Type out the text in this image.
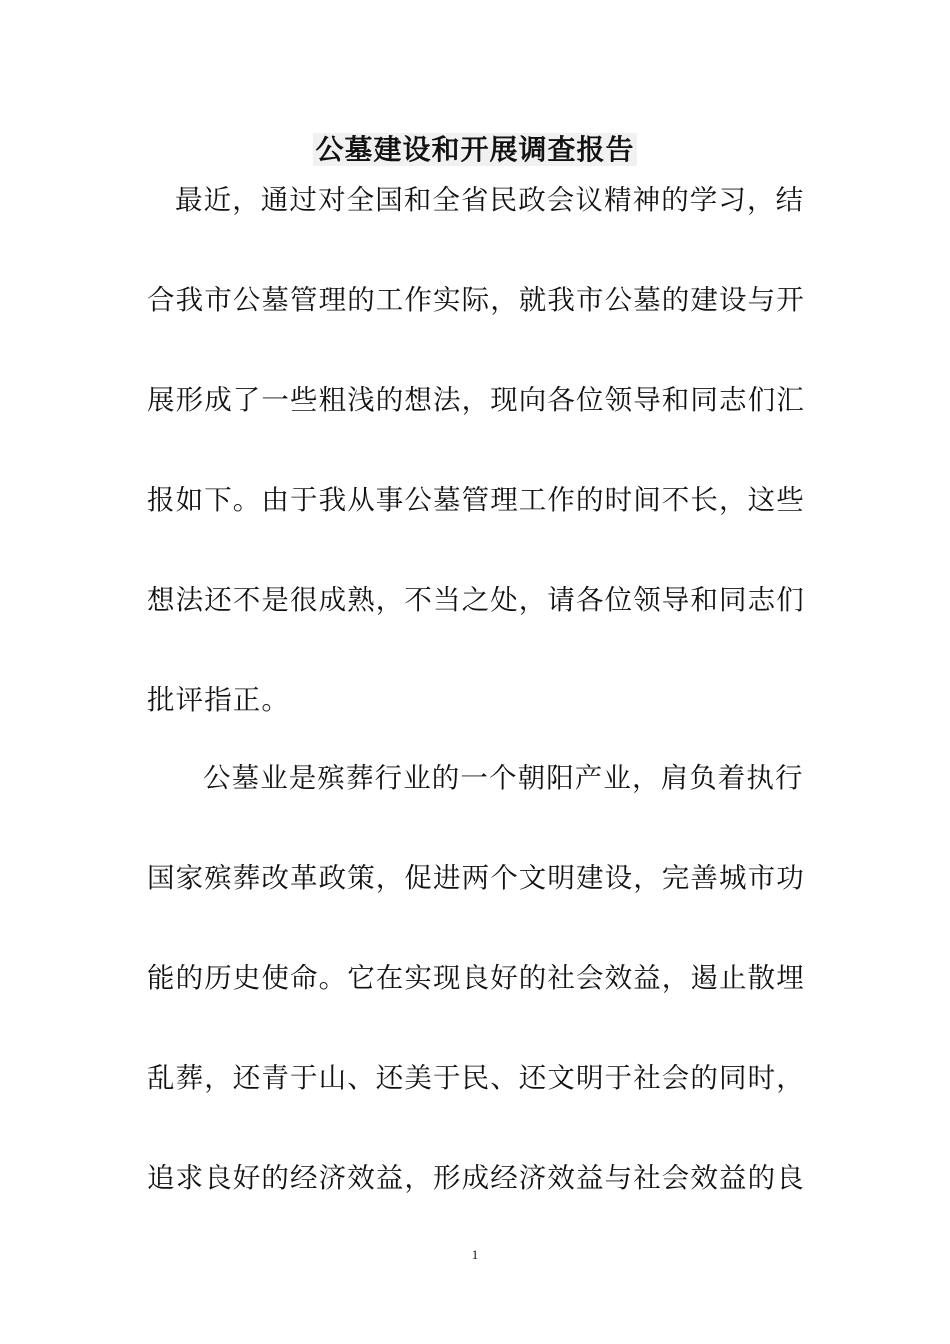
公墓建设和开展调查报告
最近，通过对全国和全省民政会议精神的学习，结
合我市公墓管理的工作实际，就我市公墓的建设与开
展形成了一些粗浅的想法，现向各位领导和同志们汇
报如下。由于我从事公墓管理工作的时间不长，这些
想法还不是很成熟，不当之处，请各位领导和同志们
批评指正。
公墓业是殡葬行业的一个朝阳产业，肩负着执行
国家殡葬改革政策，促进两个文明建设，完善城市功
能的历史使命。它在实现良好的社会效益，遏止散埋
乱葬，还青于山、还美于民、还文明于社会的同时，
追求良好的经济效益，形成经济效益与社会效益的良
1
